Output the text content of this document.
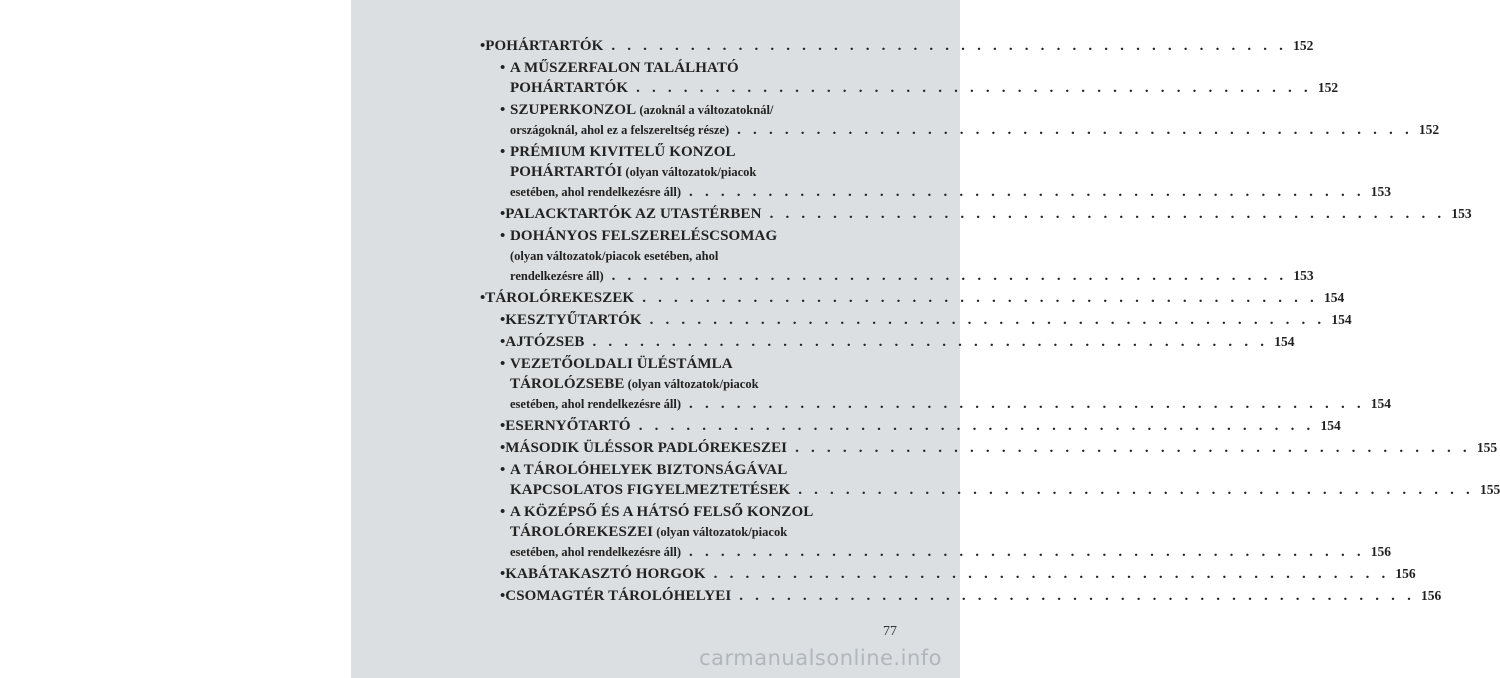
• POHÁRTARTÓK . . . . . . . . . . . . . . . . . . . . . . . . . . . . . . . . . . . . . . . . . . . 152
• A MŰSZERFALON TALÁLHATÓ
POHÁRTARTÓK . . . . . . . . . . . . . . . . . . . . . . . . . . . . . . . . . . . . . . . . . . . 152
• SZUPERKONZOL (azoknál a változatoknál/
országoknál, ahol ez a felszereltség része) . . . . . . . . . . . . . . . . . . . . . . . . . . . . . . . . . . . . . . . . . . . 152
• PRÉMIUM KIVITELŰ KONZOL
POHÁRTARTÓI (olyan változatok/piacok
esetében, ahol rendelkezésre áll) . . . . . . . . . . . . . . . . . . . . . . . . . . . . . . . . . . . . . . . . . . . 153
• PALACKTARTÓK AZ UTASTÉRBEN . . . . . . . . . . . . . . . . . . . . . . . . . . . . . . . . . . . . . . . . . . . 153
• DOHÁNYOS FELSZERELÉSCSOMAG
(olyan változatok/piacok esetében, ahol
rendelkezésre áll) . . . . . . . . . . . . . . . . . . . . . . . . . . . . . . . . . . . . . . . . . . . 153
• TÁROLÓREKESZEK . . . . . . . . . . . . . . . . . . . . . . . . . . . . . . . . . . . . . . . . . . . 154
• KESZTYŰTARTÓK . . . . . . . . . . . . . . . . . . . . . . . . . . . . . . . . . . . . . . . . . . . 154
• AJTÓZSEB . . . . . . . . . . . . . . . . . . . . . . . . . . . . . . . . . . . . . . . . . . . 154
• VEZETŐOLDALI ÜLÉSTÁMLA
TÁROLÓZSEBE (olyan változatok/piacok
esetében, ahol rendelkezésre áll) . . . . . . . . . . . . . . . . . . . . . . . . . . . . . . . . . . . . . . . . . . . 154
• ESERNYŐTARTÓ . . . . . . . . . . . . . . . . . . . . . . . . . . . . . . . . . . . . . . . . . . . 154
• MÁSODIK ÜLÉSSOR PADLÓREKESZEI . . . . . . . . . . . . . . . . . . . . . . . . . . . . . . . . . . . . . . . . . . . 155
• A TÁROLÓHELYEK BIZTONSÁGÁVAL
KAPCSOLATOS FIGYELMEZTETÉSEK . . . . . . . . . . . . . . . . . . . . . . . . . . . . . . . . . . . . . . . . . . . 155
• A KÖZÉPSŐ ÉS A HÁTSÓ FELSŐ KONZOL
TÁROLÓREKESZEI (olyan változatok/piacok
esetében, ahol rendelkezésre áll) . . . . . . . . . . . . . . . . . . . . . . . . . . . . . . . . . . . . . . . . . . . 156
• KABÁTAKASZTÓ HORGOK . . . . . . . . . . . . . . . . . . . . . . . . . . . . . . . . . . . . . . . . . . . 156
• CSOMAGTÉR TÁROLÓHELYEI . . . . . . . . . . . . . . . . . . . . . . . . . . . . . . . . . . . . . . . . . . . 156
77
carmanualsonline.info
